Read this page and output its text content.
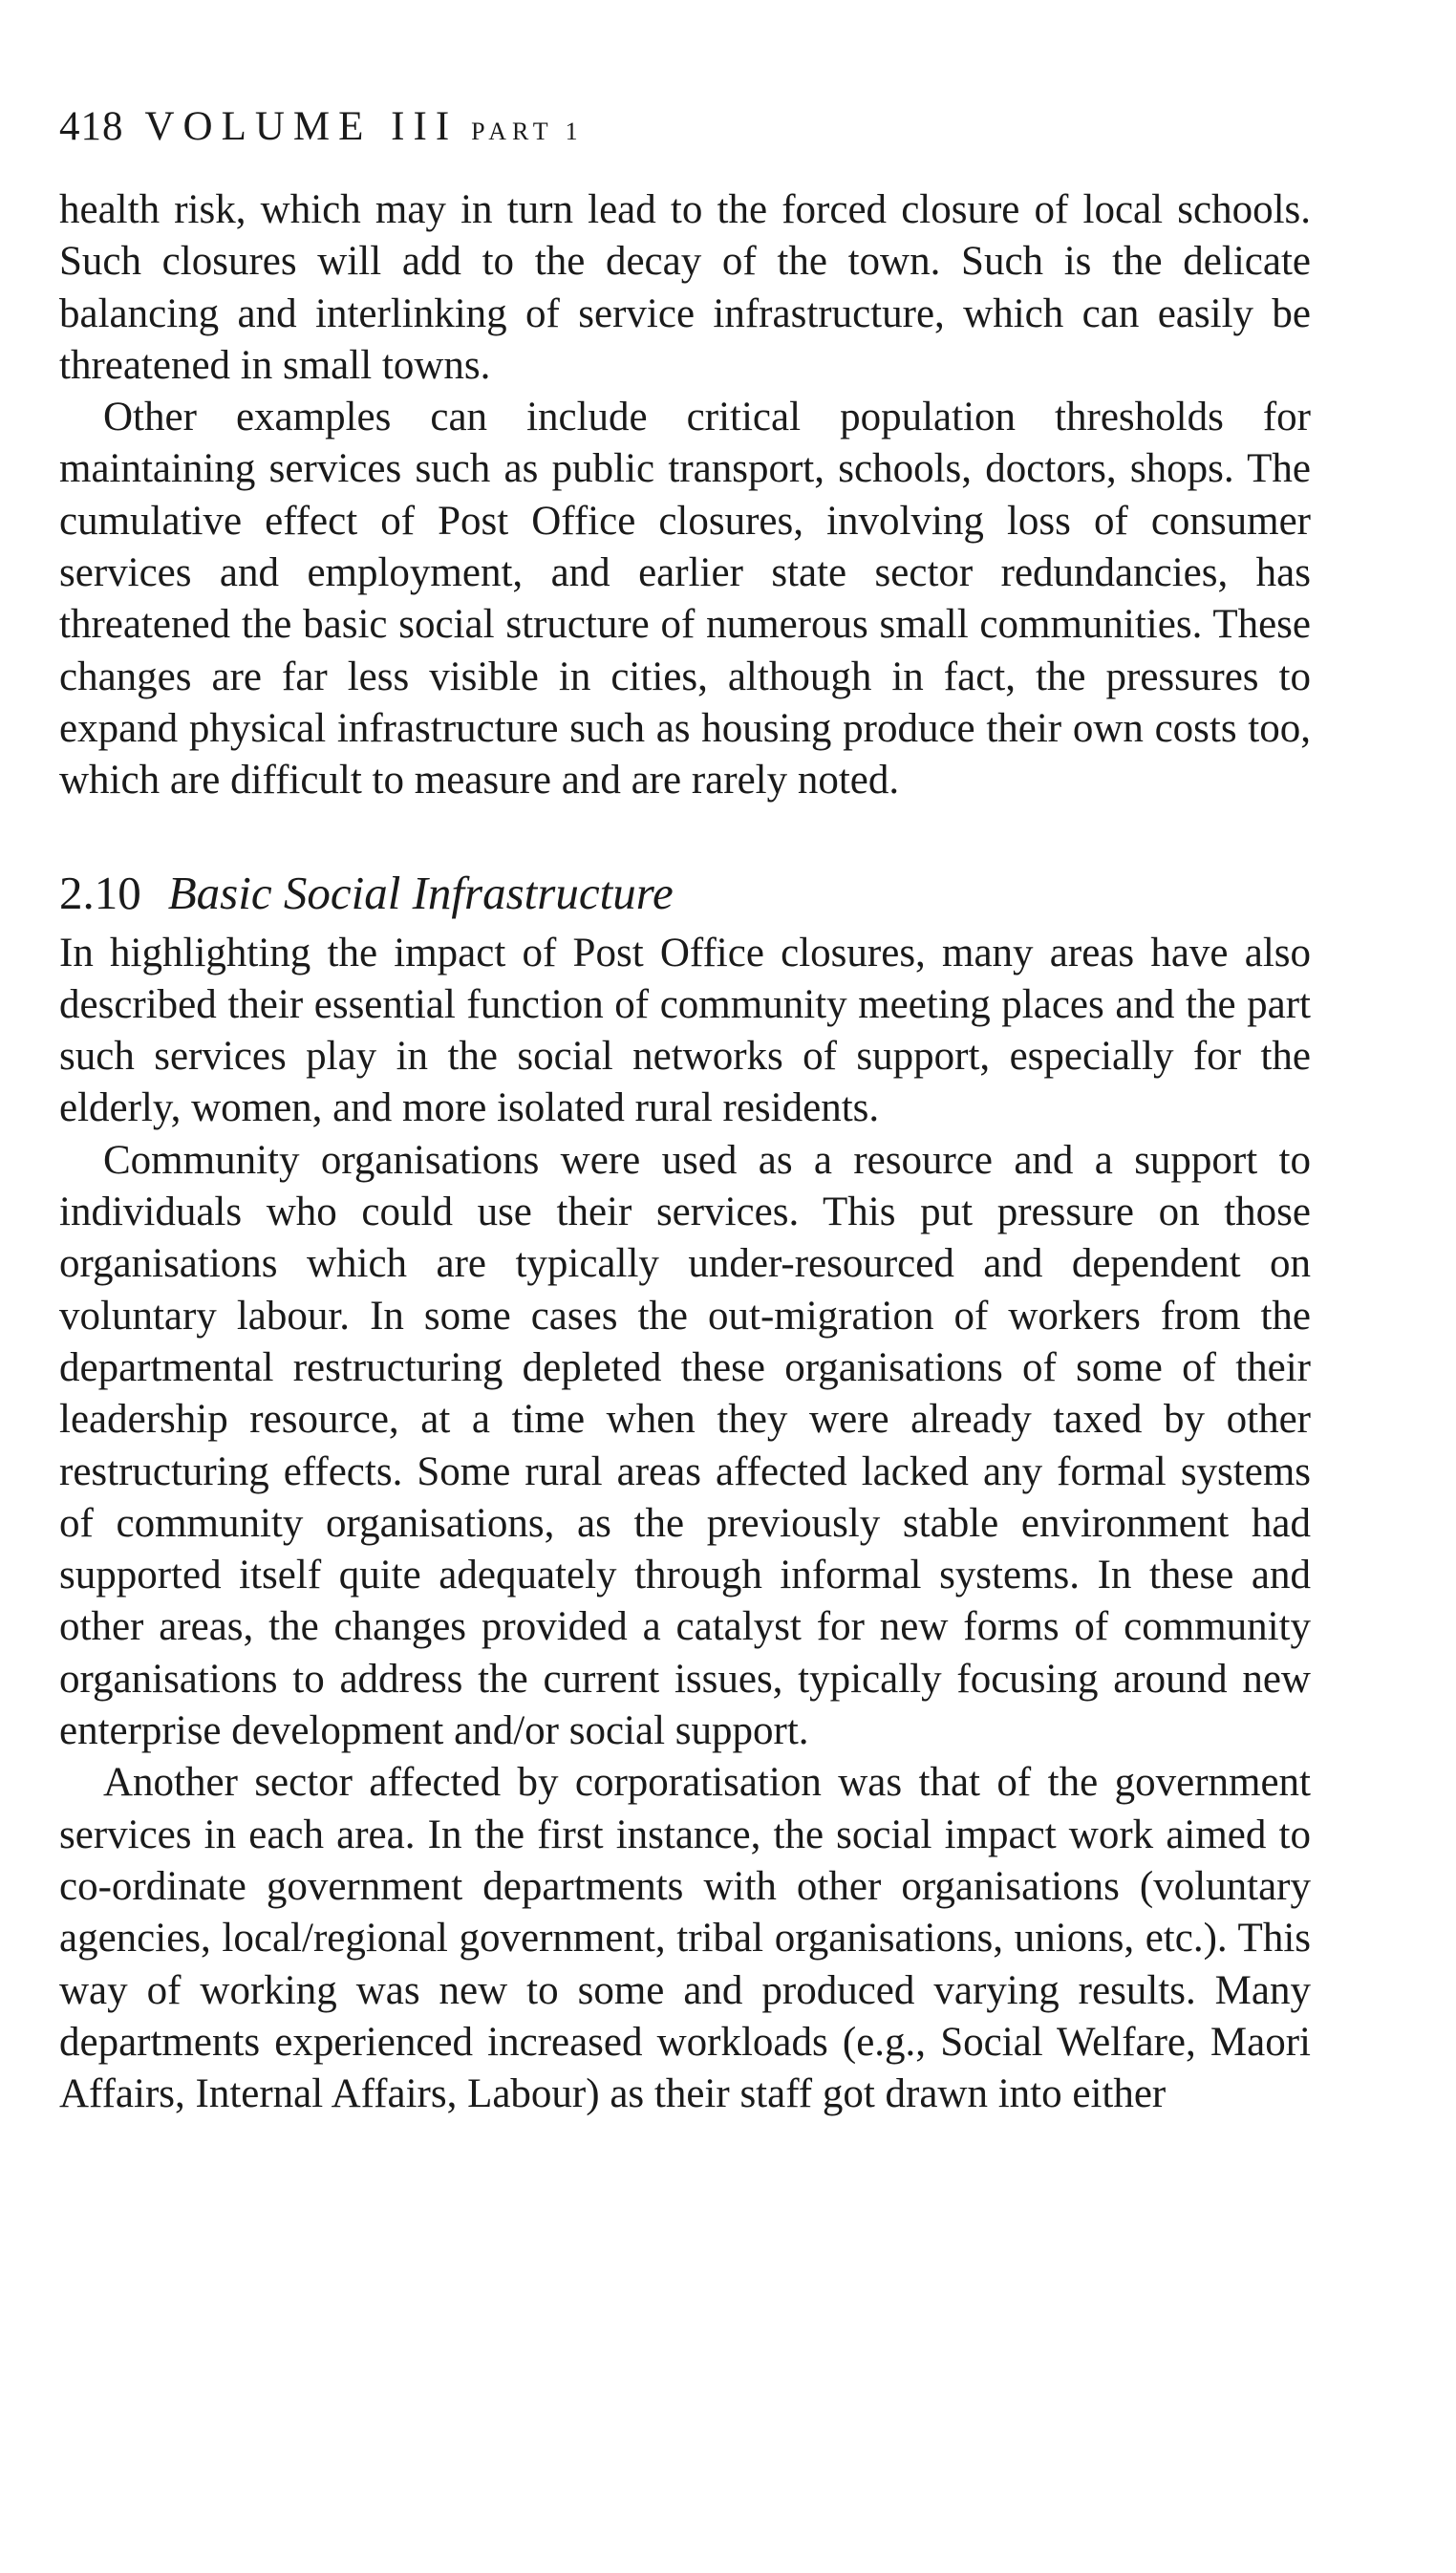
418 VOLUME III PART 1

health risk, which may in turn lead to the forced closure of local schools. Such closures will add to the decay of the town. Such is the delicate balancing and interlinking of service infrastructure, which can easily be threatened in small towns.

Other examples can include critical population thresholds for maintaining services such as public transport, schools, doctors, shops. The cumulative effect of Post Office closures, involving loss of consumer services and employment, and earlier state sector redundancies, has threatened the basic social structure of numerous small communities. These changes are far less visible in cities, although in fact, the pressures to expand physical infrastructure such as housing produce their own costs too, which are difficult to measure and are rarely noted.

2.10 Basic Social Infrastructure

In highlighting the impact of Post Office closures, many areas have also described their essential function of community meeting places and the part such services play in the social networks of support, especially for the elderly, women, and more isolated rural residents.

Community organisations were used as a resource and a support to individuals who could use their services. This put pressure on those organisations which are typically under-resourced and dependent on voluntary labour. In some cases the out-migration of workers from the departmental restructuring depleted these organisations of some of their leadership resource, at a time when they were already taxed by other restructuring effects. Some rural areas affected lacked any formal systems of community organisations, as the previously stable environment had supported itself quite adequately through informal systems. In these and other areas, the changes provided a catalyst for new forms of community organisations to address the current issues, typically focusing around new enterprise development and/or social support.

Another sector affected by corporatisation was that of the government services in each area. In the first instance, the social impact work aimed to co-ordinate government departments with other organisations (voluntary agencies, local/regional government, tribal organisations, unions, etc.). This way of working was new to some and produced varying results. Many departments experienced increased workloads (e.g., Social Welfare, Maori Affairs, Internal Affairs, Labour) as their staff got drawn into either
